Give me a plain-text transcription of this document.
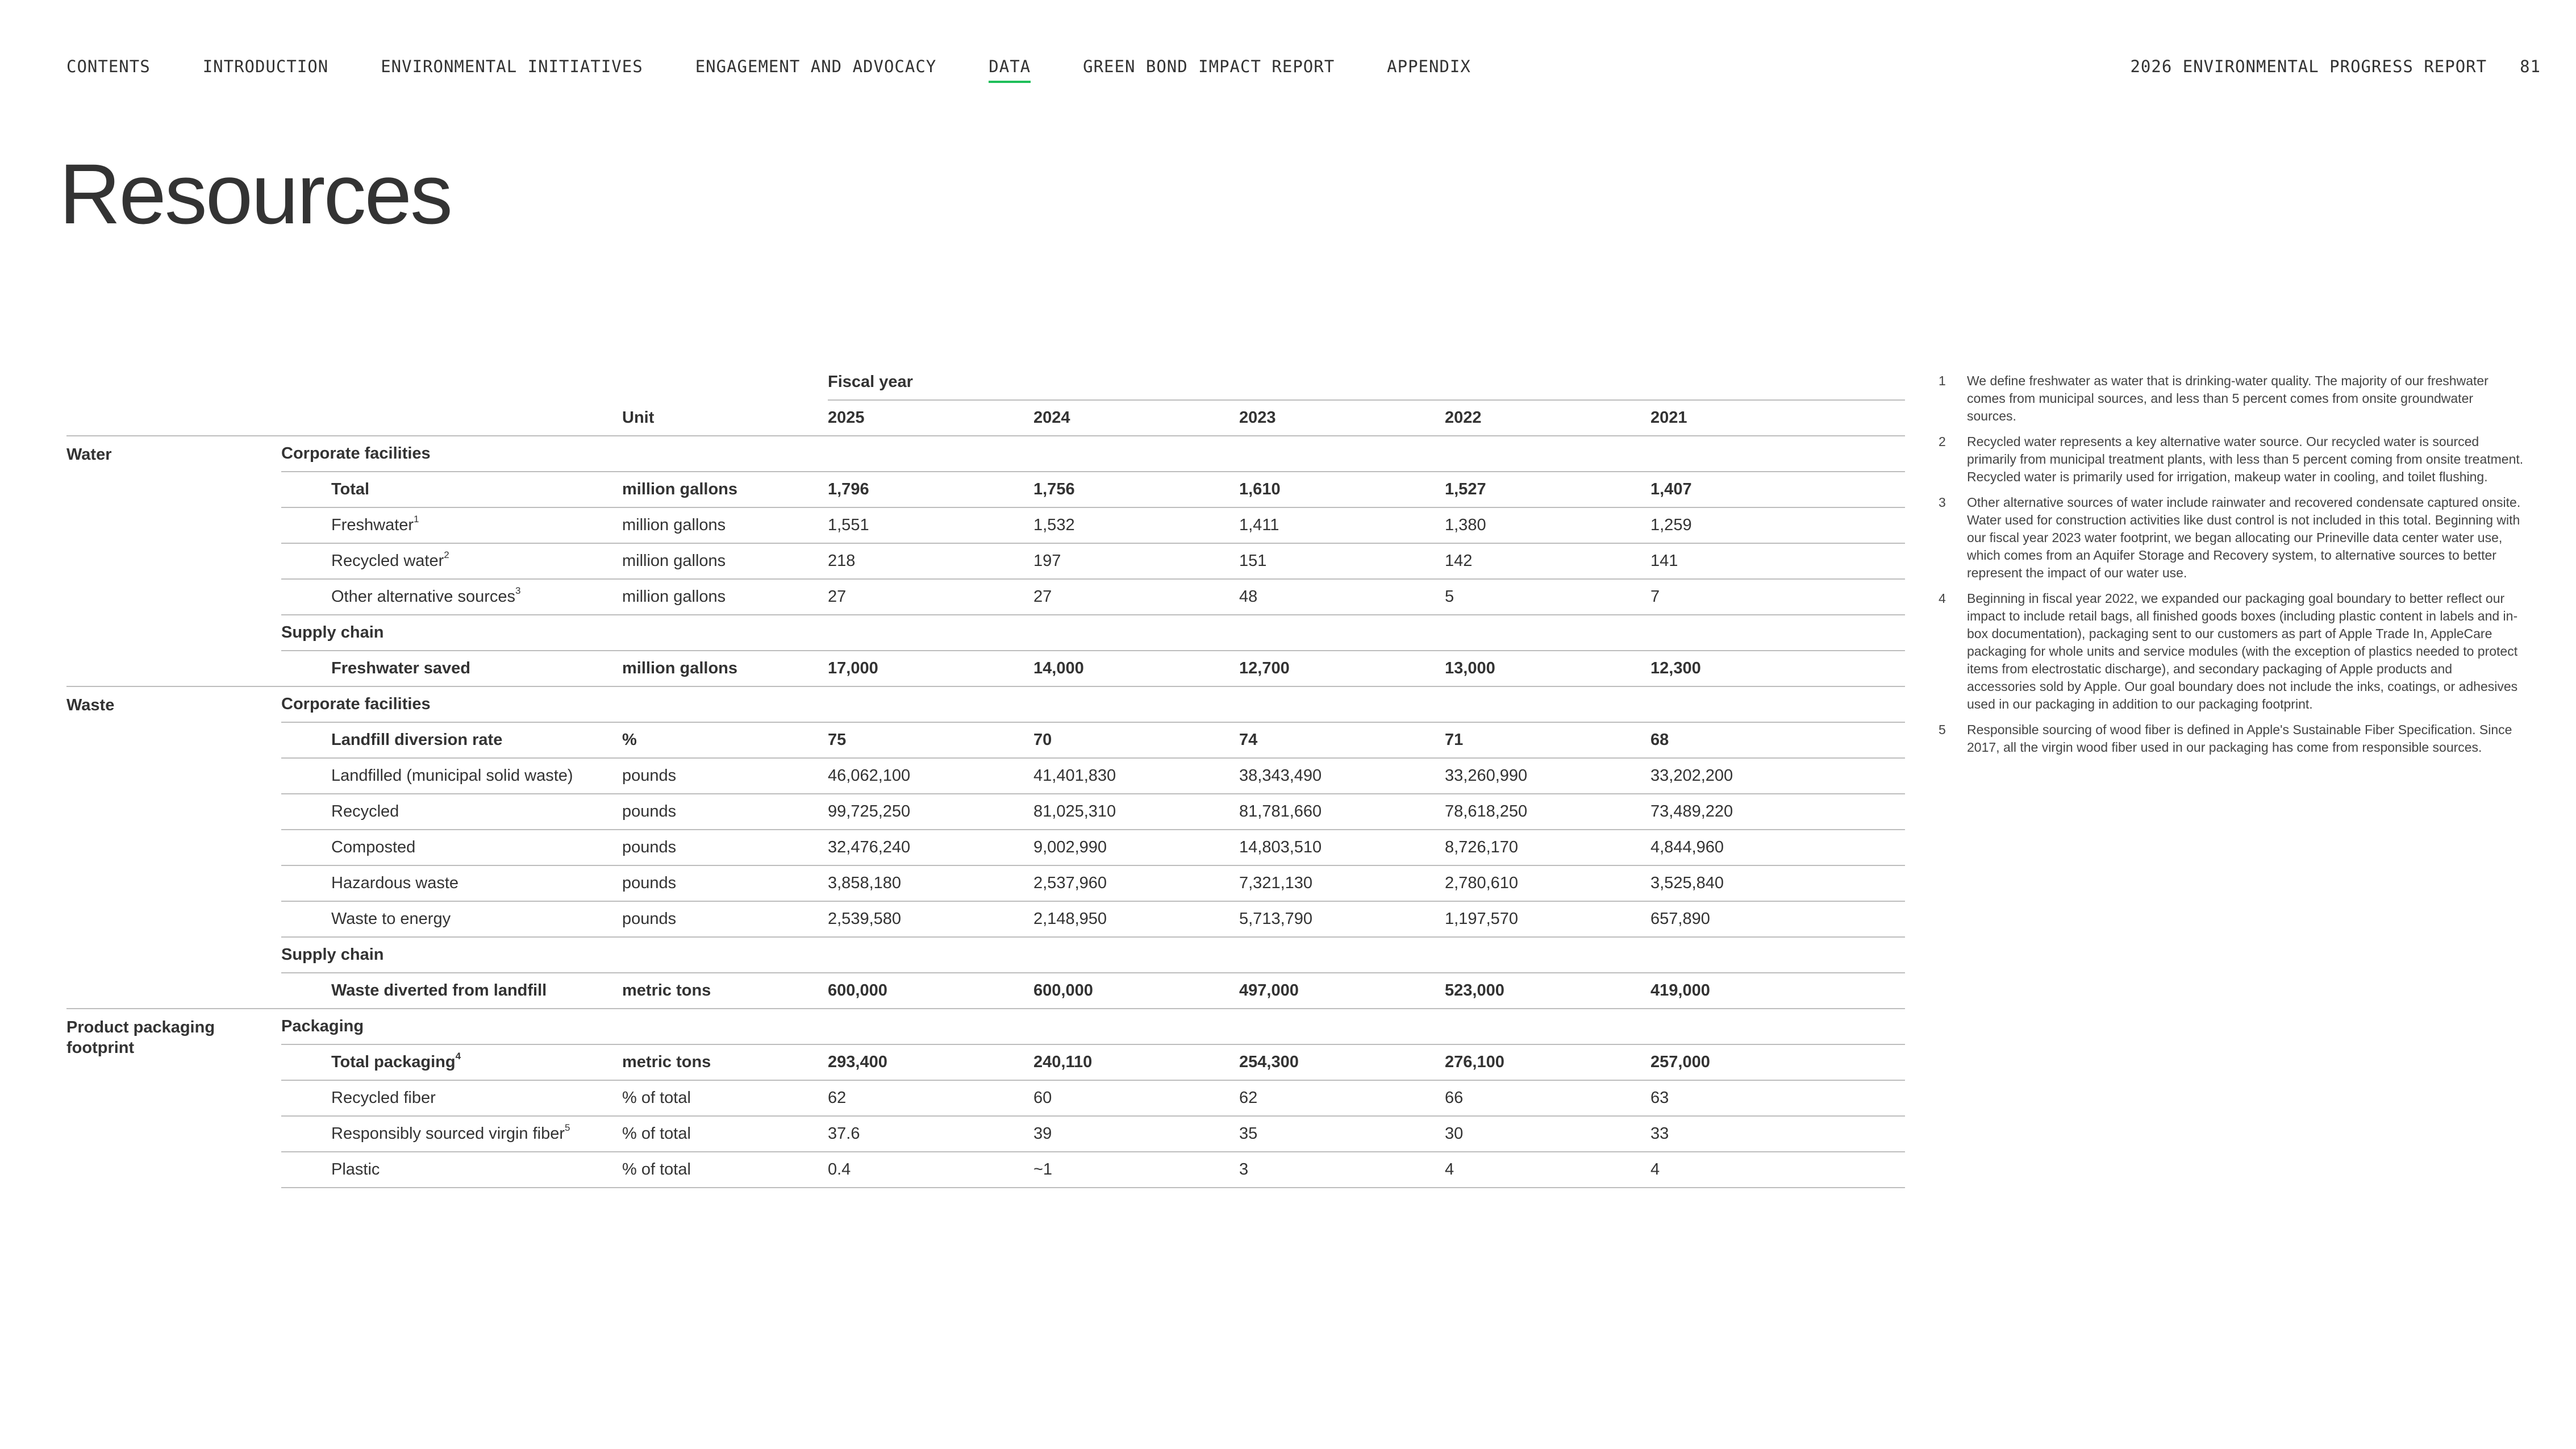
CONTENTS	INTRODUCTION	ENVIRONMENTAL INITIATIVES	ENGAGEMENT AND ADVOCACY	DATA	GREEN BOND IMPACT REPORT	APPENDIX	2026 ENVIRONMENTAL PROGRESS REPORT 81
Resources
			Fiscal year				
		Unit	2025	2024	2023	2022	2021
Water	Corporate facilities						
	Total	million gallons	1,796	1,756	1,610	1,527	1,407
	Freshwater$^1$	million gallons	1,551	1,532	1,411	1,380	1,259
	Recycled water$^2$	million gallons	218	197	151	142	141
	Other alternative sources$^3$	million gallons	27	27	48	5	7
	Supply chain						
	Freshwater saved	million gallons	17,000	14,000	12,700	13,000	12,300
Waste	Corporate facilities						
	Landfill diversion rate	%	75	70	74	71	68
	Landfilled (municipal solid waste)	pounds	46,062,100	41,401,830	38,343,490	33,260,990	33,202,200
	Recycled	pounds	99,725,250	81,025,310	81,781,660	78,618,250	73,489,220
	Composted	pounds	32,476,240	9,002,990	14,803,510	8,726,170	4,844,960
	Hazardous waste	pounds	3,858,180	2,537,960	7,321,130	2,780,610	3,525,840
	Waste to energy	pounds	2,539,580	2,148,950	5,713,790	1,197,570	657,890
	Supply chain						
	Waste diverted from landfill	metric tons	600,000	600,000	497,000	523,000	419,000
Product packaging footprint	Packaging						
	Total packaging$^4$	metric tons	293,400	240,110	254,300	276,100	257,000
	Recycled fiber	% of total	62	60	62	66	63
	Responsibly sourced virgin fiber$^5$	% of total	37.6	39	35	30	33
	Plastic	% of total	0.4	~1	3	4	4
1	We define freshwater as water that is drinking-water quality. The majority of our freshwater comes from municipal sources, and less than 5 percent comes from onsite groundwater sources.
2	Recycled water represents a key alternative water source. Our recycled water is sourced primarily from municipal treatment plants, with less than 5 percent coming from onsite treatment. Recycled water is primarily used for irrigation, makeup water in cooling, and toilet flushing.
3	Other alternative sources of water include rainwater and recovered condensate captured onsite. Water used for construction activities like dust control is not included in this total. Beginning with our fiscal year 2023 water footprint, we began allocating our Prineville data center water use, which comes from an Aquifer Storage and Recovery system, to alternative sources to better represent the impact of our water use.
4	Beginning in fiscal year 2022, we expanded our packaging goal boundary to better reflect our impact to include retail bags, all finished goods boxes (including plastic content in labels and in-box documentation), packaging sent to our customers as part of Apple Trade In, AppleCare packaging for whole units and service modules (with the exception of plastics needed to protect items from electrostatic discharge), and secondary packaging of Apple products and accessories sold by Apple. Our goal boundary does not include the inks, coatings, or adhesives used in our packaging in addition to our packaging footprint.
5	Responsible sourcing of wood fiber is defined in Apple's Sustainable Fiber Specification. Since 2017, all the virgin wood fiber used in our packaging has come from responsible sources.
